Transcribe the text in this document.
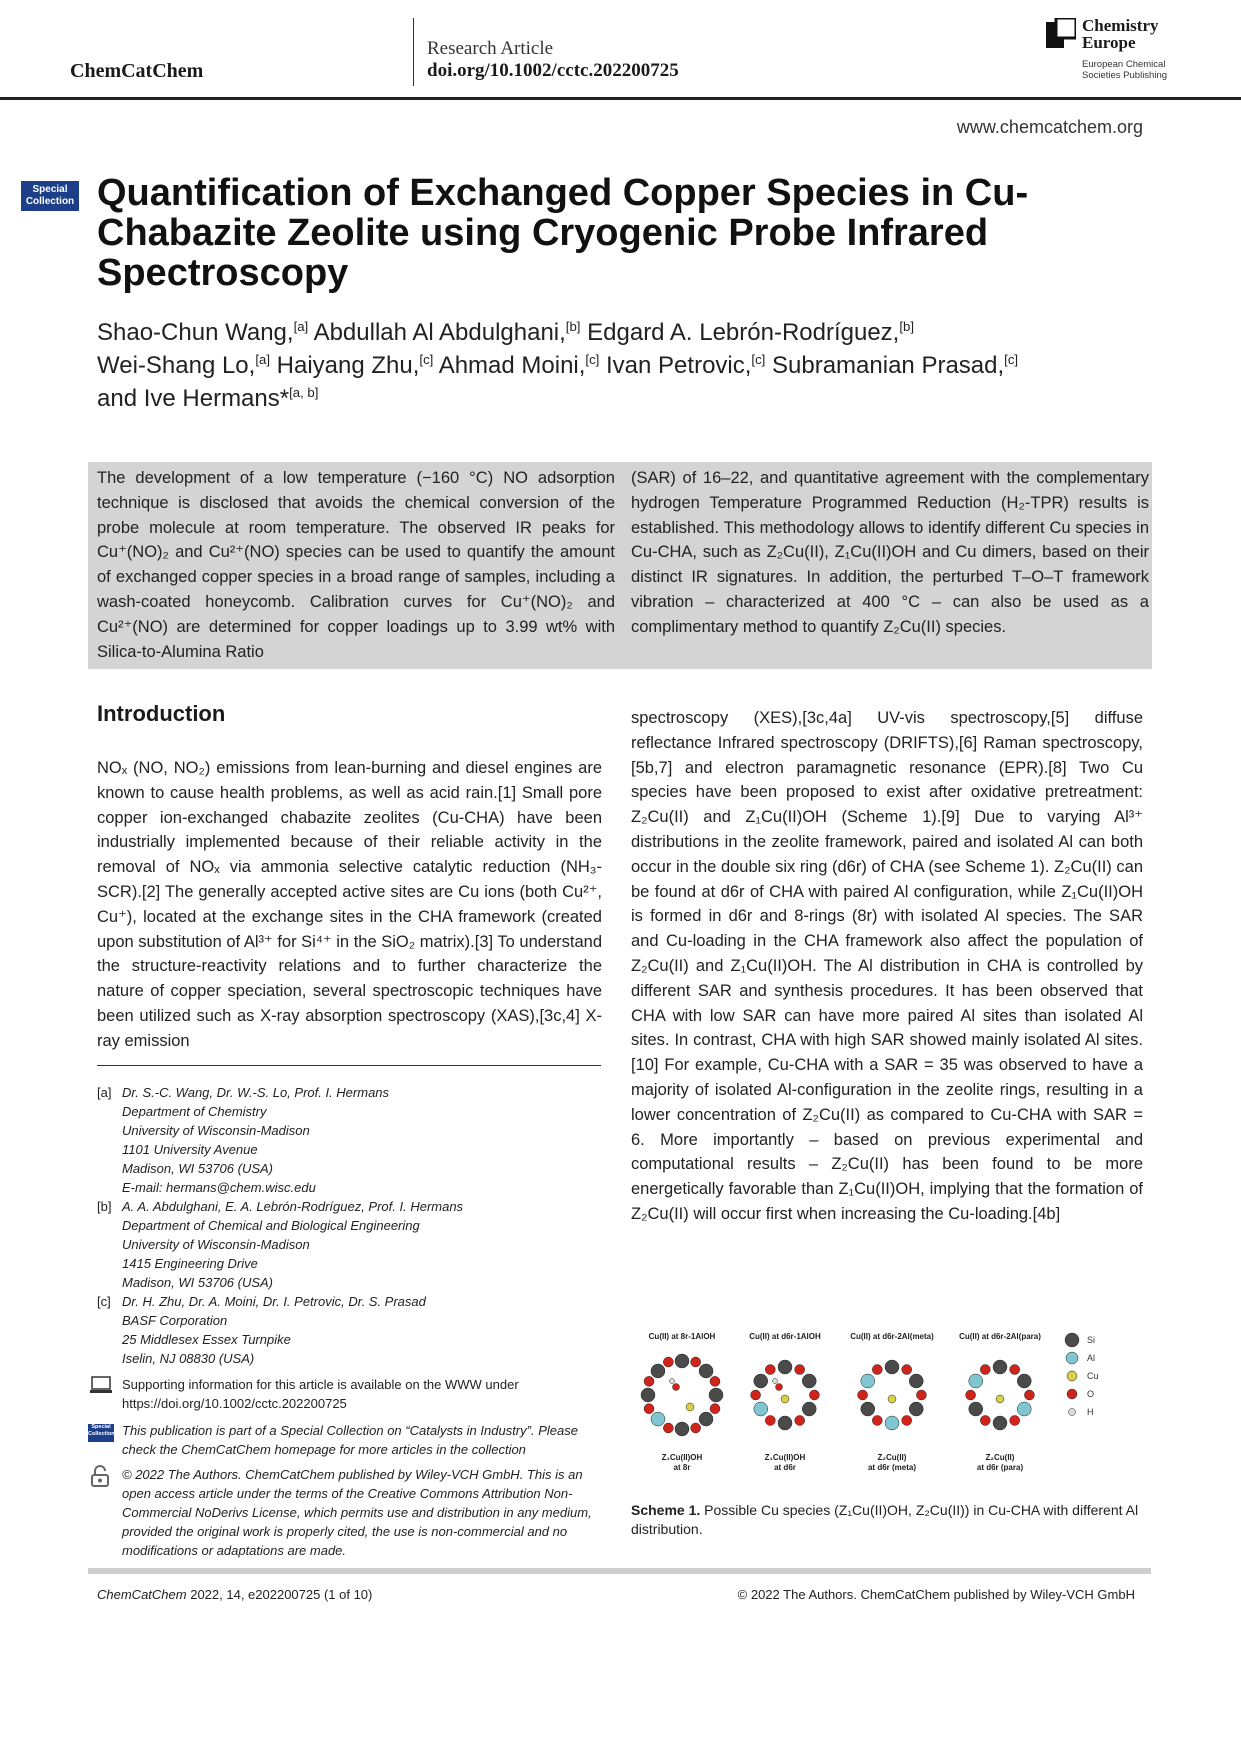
ChemCatChem
Research Article
doi.org/10.1002/cctc.202200725
Chemistry
Europe
European Chemical
Societies Publishing
www.chemcatchem.org
Special
Collection Quantification of Exchanged Copper Species in Cu-Chabazite Zeolite using Cryogenic Probe Infrared Spectroscopy
Shao-Chun Wang,[a] Abdullah Al Abdulghani,[b] Edgard A. Lebrón-Rodríguez,[b]
Wei-Shang Lo,[a] Haiyang Zhu,[c] Ahmad Moini,[c] Ivan Petrovic,[c] Subramanian Prasad,[c]
and Ive Hermans*[a, b]
The development of a low temperature (−160 °C) NO adsorption technique is disclosed that avoids the chemical conversion of the probe molecule at room temperature. The observed IR peaks for Cu⁺(NO)₂ and Cu²⁺(NO) species can be used to quantify the amount of exchanged copper species in a broad range of samples, including a wash-coated honeycomb. Calibration curves for Cu⁺(NO)₂ and Cu²⁺(NO) are determined for copper loadings up to 3.99 wt% with Silica-to-Alumina Ratio
(SAR) of 16–22, and quantitative agreement with the complementary hydrogen Temperature Programmed Reduction (H₂-TPR) results is established. This methodology allows to identify different Cu species in Cu-CHA, such as Z₂Cu(II), Z₁Cu(II)OH and Cu dimers, based on their distinct IR signatures. In addition, the perturbed T–O–T framework vibration – characterized at 400 °C – can also be used as a complimentary method to quantify Z₂Cu(II) species.
Introduction

NOₓ (NO, NO₂) emissions from lean-burning and diesel engines are known to cause health problems, as well as acid rain.[1] Small pore copper ion-exchanged chabazite zeolites (Cu-CHA) have been industrially implemented because of their reliable activity in the removal of NOₓ via ammonia selective catalytic reduction (NH₃-SCR).[2] The generally accepted active sites are Cu ions (both Cu²⁺, Cu⁺), located at the exchange sites in the CHA framework (created upon substitution of Al³⁺ for Si⁴⁺ in the SiO₂ matrix).[3] To understand the structure-reactivity relations and to further characterize the nature of copper speciation, several spectroscopic techniques have been utilized such as X-ray absorption spectroscopy (XAS),[3c,4] X-ray emission

spectroscopy (XES),[3c,4a] UV-vis spectroscopy,[5] diffuse reflectance Infrared spectroscopy (DRIFTS),[6] Raman spectroscopy,[5b,7] and electron paramagnetic resonance (EPR).[8] Two Cu species have been proposed to exist after oxidative pretreatment: Z₂Cu(II) and Z₁Cu(II)OH (Scheme 1).[9] Due to varying Al³⁺ distributions in the zeolite framework, paired and isolated Al can both occur in the double six ring (d6r) of CHA (see Scheme 1). Z₂Cu(II) can be found at d6r of CHA with paired Al configuration, while Z₁Cu(II)OH is formed in d6r and 8-rings (8r) with isolated Al species. The SAR and Cu-loading in the CHA framework also affect the population of Z₂Cu(II) and Z₁Cu(II)OH. The Al distribution in CHA is controlled by different SAR and synthesis procedures. It has been observed that CHA with low SAR can have more paired Al sites than isolated Al sites. In contrast, CHA with high SAR showed mainly isolated Al sites.[10] For example, Cu-CHA with a SAR = 35 was observed to have a majority of isolated Al-configuration in the zeolite rings, resulting in a lower concentration of Z₂Cu(II) as compared to Cu-CHA with SAR = 6. More importantly – based on previous experimental and computational results – Z₂Cu(II) has been found to be more energetically favorable than Z₁Cu(II)OH, implying that the formation of Z₂Cu(II) will occur first when increasing the Cu-loading.[4b]

[a] Dr. S.-C. Wang, Dr. W.-S. Lo, Prof. I. Hermans
Department of Chemistry
University of Wisconsin-Madison
1101 University Avenue
Madison, WI 53706 (USA)
E-mail: hermans@chem.wisc.edu
[b] A. A. Abdulghani, E. A. Lebrón-Rodríguez, Prof. I. Hermans
Department of Chemical and Biological Engineering
University of Wisconsin-Madison
1415 Engineering Drive
Madison, WI 53706 (USA)
[c] Dr. H. Zhu, Dr. A. Moini, Dr. I. Petrovic, Dr. S. Prasad
BASF Corporation
25 Middlesex Essex Turnpike
Iselin, NJ 08830 (USA)
Supporting information for this article is available on the WWW under https://doi.org/10.1002/cctc.202200725
Special
Collection This publication is part of a Special Collection on “Catalysts in Industry”. Please check the ChemCatChem homepage for more articles in the collection
© 2022 The Authors. ChemCatChem published by Wiley-VCH GmbH. This is an open access article under the terms of the Creative Commons Attribution Non-Commercial NoDerivs License, which permits use and distribution in any medium, provided the original work is properly cited, the use is non-commercial and no modifications or adaptations are made.
Cu(II) at 8r-1AlOH	Cu(II) at d6r-1AlOH	Cu(II) at d6r-2Al(meta)	Cu(II) at d6r-2Al(para)
Z₁Cu(II)OH
at 8r
Z₁Cu(II)OH
at d6r
Z₂Cu(II)
at d6r (meta)
Z₂Cu(II)
at d6r (para)
Si
Al
Cu
O
H
Scheme 1. Possible Cu species (Z₁Cu(II)OH, Z₂Cu(II)) in Cu-CHA with different Al distribution.
ChemCatChem 2022, 14, e202200725 (1 of 10)	© 2022 The Authors. ChemCatChem published by Wiley-VCH GmbH
